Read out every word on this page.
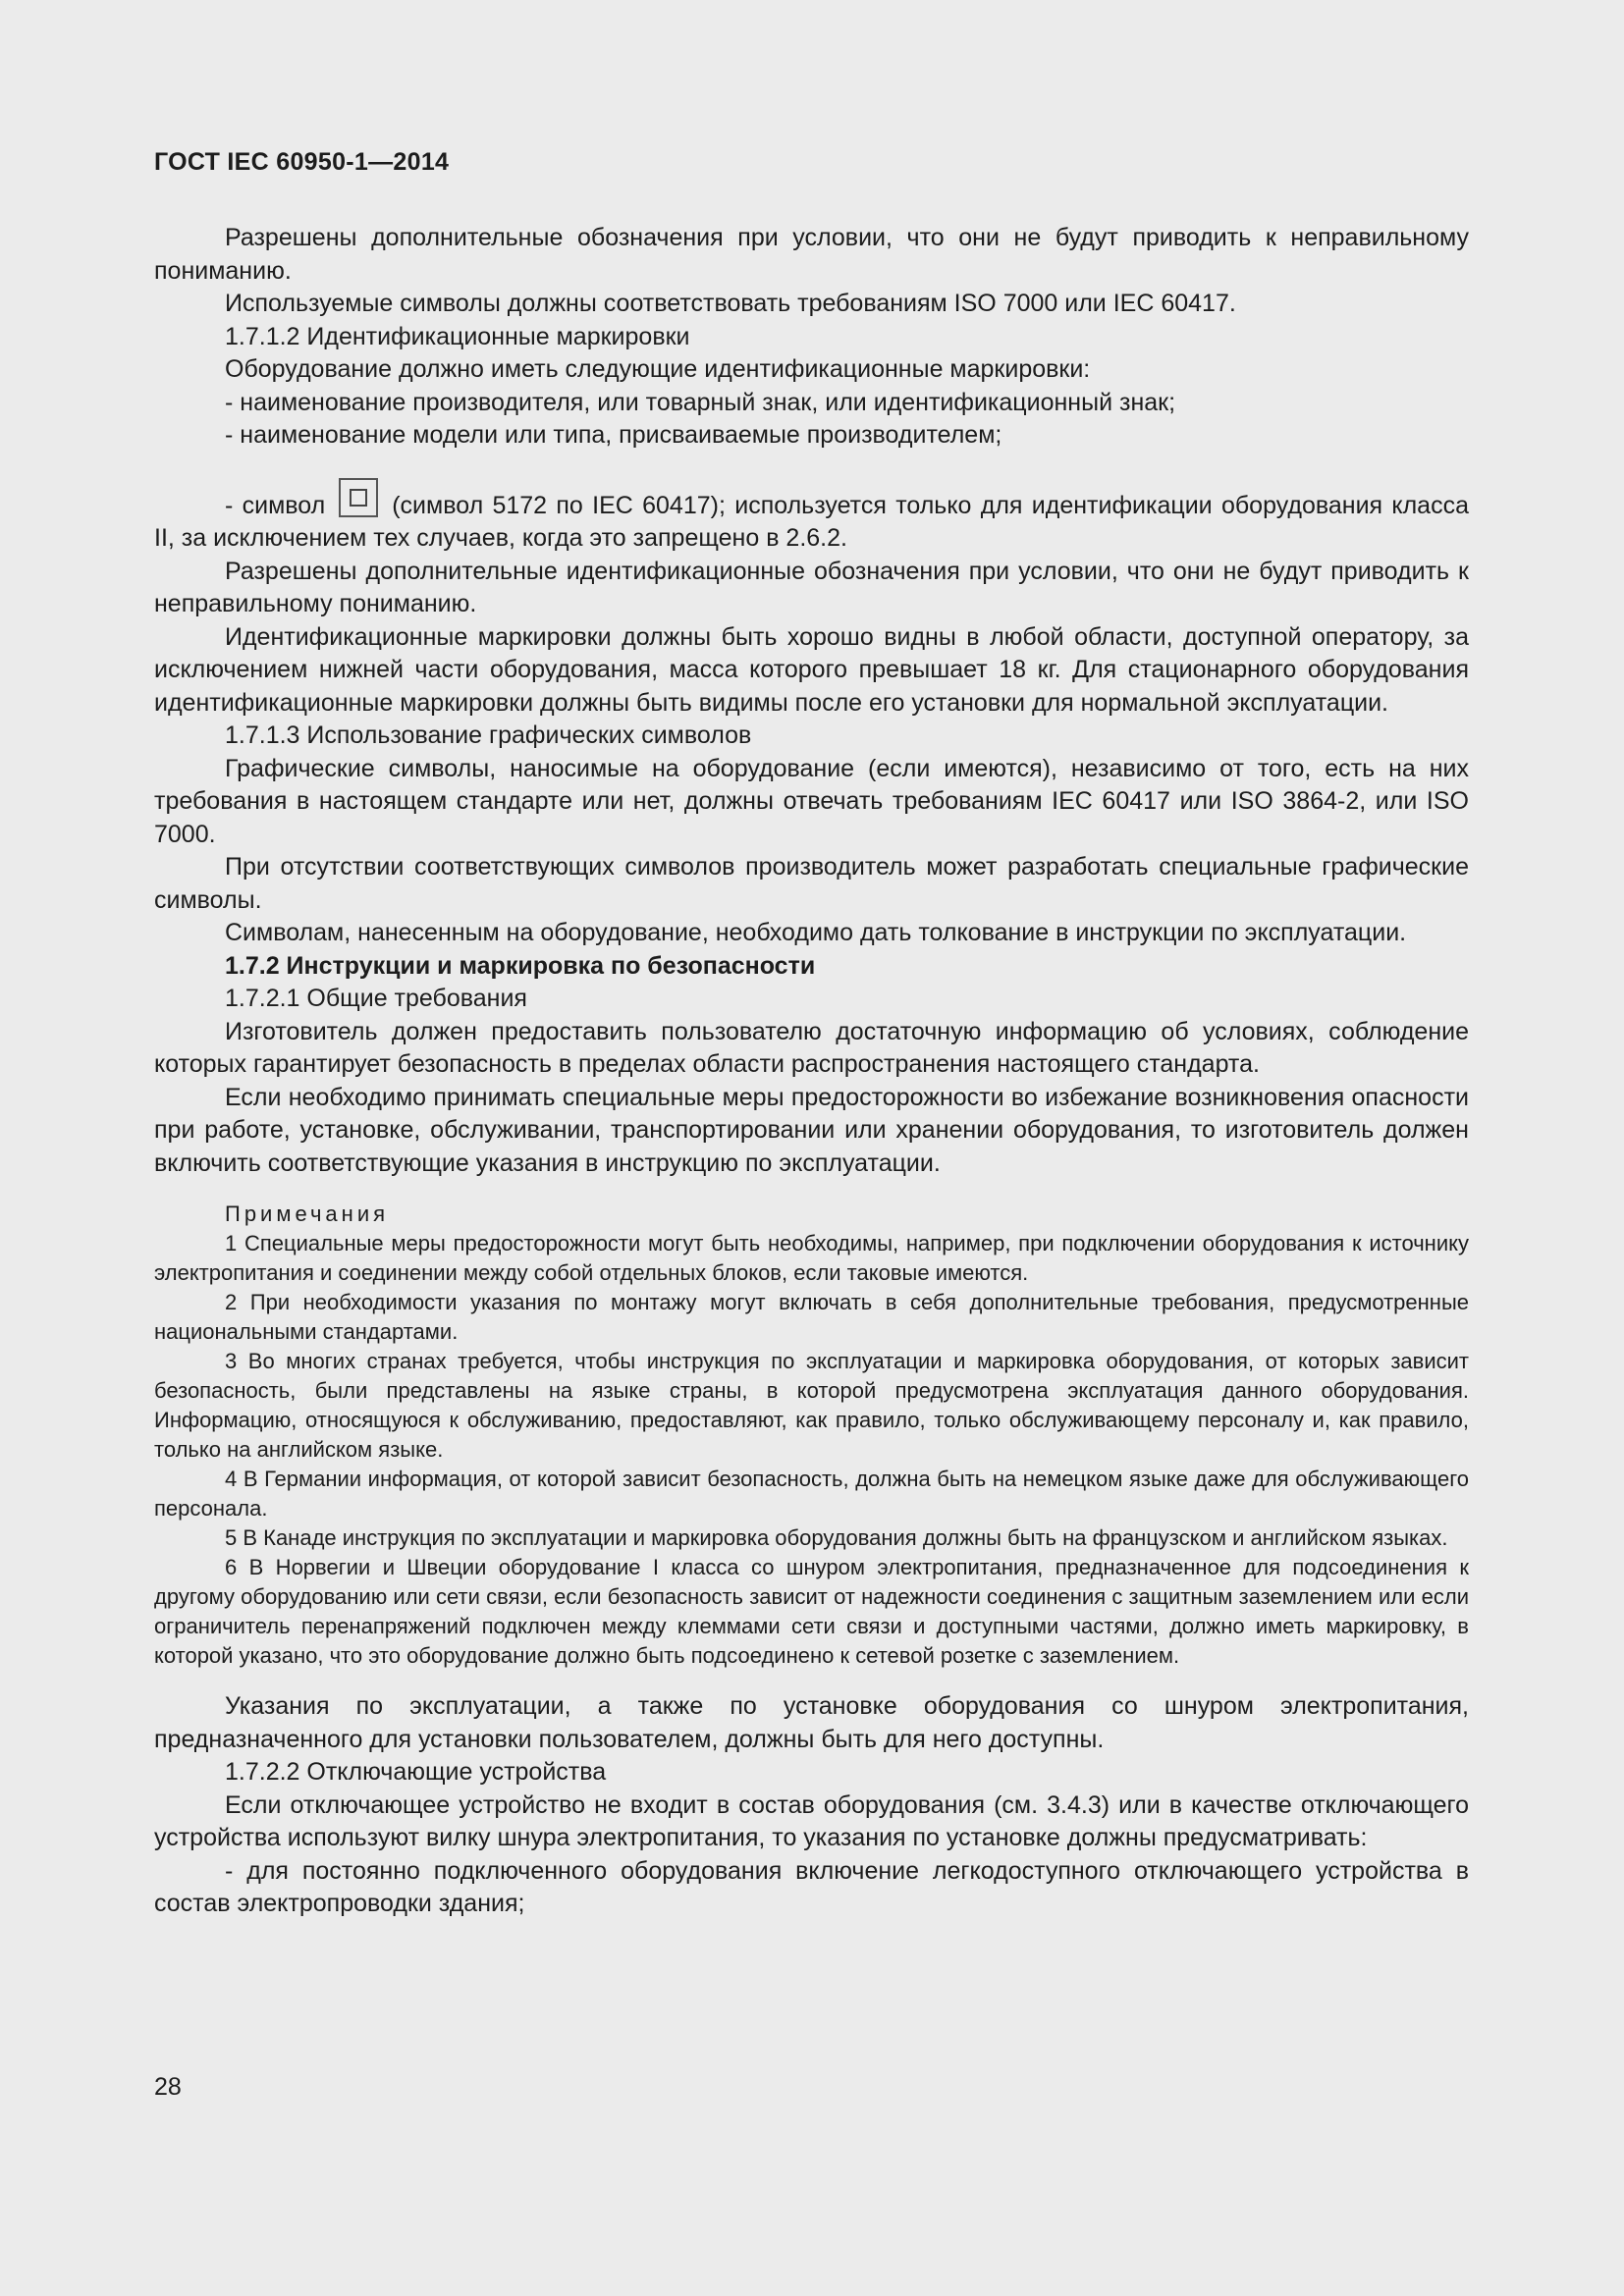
ГОСТ IEC 60950-1—2014

Разрешены дополнительные обозначения при условии, что они не будут приводить к неправильному пониманию.

Используемые символы должны соответствовать требованиям ISO 7000 или IEC 60417.

1.7.1.2 Идентификационные маркировки

Оборудование должно иметь следующие идентификационные маркировки:

- наименование производителя, или товарный знак, или идентификационный знак;

- наименование модели или типа, присваиваемые производителем;

- символ	(символ 5172 по IEC 60417); используется только для идентификации оборудования класса II, за исключением тех случаев, когда это запрещено в 2.6.2.

Разрешены дополнительные идентификационные обозначения при условии, что они не будут приводить к неправильному пониманию.

Идентификационные маркировки должны быть хорошо видны в любой области, доступной оператору, за исключением нижней части оборудования, масса которого превышает 18 кг. Для стационарного оборудования идентификационные маркировки должны быть видимы после его установки для нормальной эксплуатации.

1.7.1.3 Использование графических символов

Графические символы, наносимые на оборудование (если имеются), независимо от того, есть на них требования в настоящем стандарте или нет, должны отвечать требованиям IEC 60417 или ISO 3864-2, или ISO 7000.

При отсутствии соответствующих символов производитель может разработать специальные графические символы.

Символам, нанесенным на оборудование, необходимо дать толкование в инструкции по эксплуатации.

1.7.2 Инструкции и маркировка по безопасности

1.7.2.1 Общие требования

Изготовитель должен предоставить пользователю достаточную информацию об условиях, соблюдение которых гарантирует безопасность в пределах области распространения настоящего стандарта.

Если необходимо принимать специальные меры предосторожности во избежание возникновения опасности при работе, установке, обслуживании, транспортировании или хранении оборудования, то изготовитель должен включить соответствующие указания в инструкцию по эксплуатации.

Примечания

1 Специальные меры предосторожности могут быть необходимы, например, при подключении оборудования к источнику электропитания и соединении между собой отдельных блоков, если таковые имеются.

2 При необходимости указания по монтажу могут включать в себя дополнительные требования, предусмотренные национальными стандартами.

3 Во многих странах требуется, чтобы инструкция по эксплуатации и маркировка оборудования, от которых зависит безопасность, были представлены на языке страны, в которой предусмотрена эксплуатация данного оборудования. Информацию, относящуюся к обслуживанию, предоставляют, как правило, только обслуживающему персоналу и, как правило, только на английском языке.

4 В Германии информация, от которой зависит безопасность, должна быть на немецком языке даже для обслуживающего персонала.

5 В Канаде инструкция по эксплуатации и маркировка оборудования должны быть на французском и английском языках.

6 В Норвегии и Швеции оборудование I класса со шнуром электропитания, предназначенное для подсоединения к другому оборудованию или сети связи, если безопасность зависит от надежности соединения с защитным заземлением или если ограничитель перенапряжений подключен между клеммами сети связи и доступными частями, должно иметь маркировку, в которой указано, что это оборудование должно быть подсоединено к сетевой розетке с заземлением.

Указания по эксплуатации, а также по установке оборудования со шнуром электропитания, предназначенного для установки пользователем, должны быть для него доступны.

1.7.2.2 Отключающие устройства

Если отключающее устройство не входит в состав оборудования (см. 3.4.3) или в качестве отключающего устройства используют вилку шнура электропитания, то указания по установке должны предусматривать:

- для постоянно подключенного оборудования включение легкодоступного отключающего устройства в состав электропроводки здания;

28
